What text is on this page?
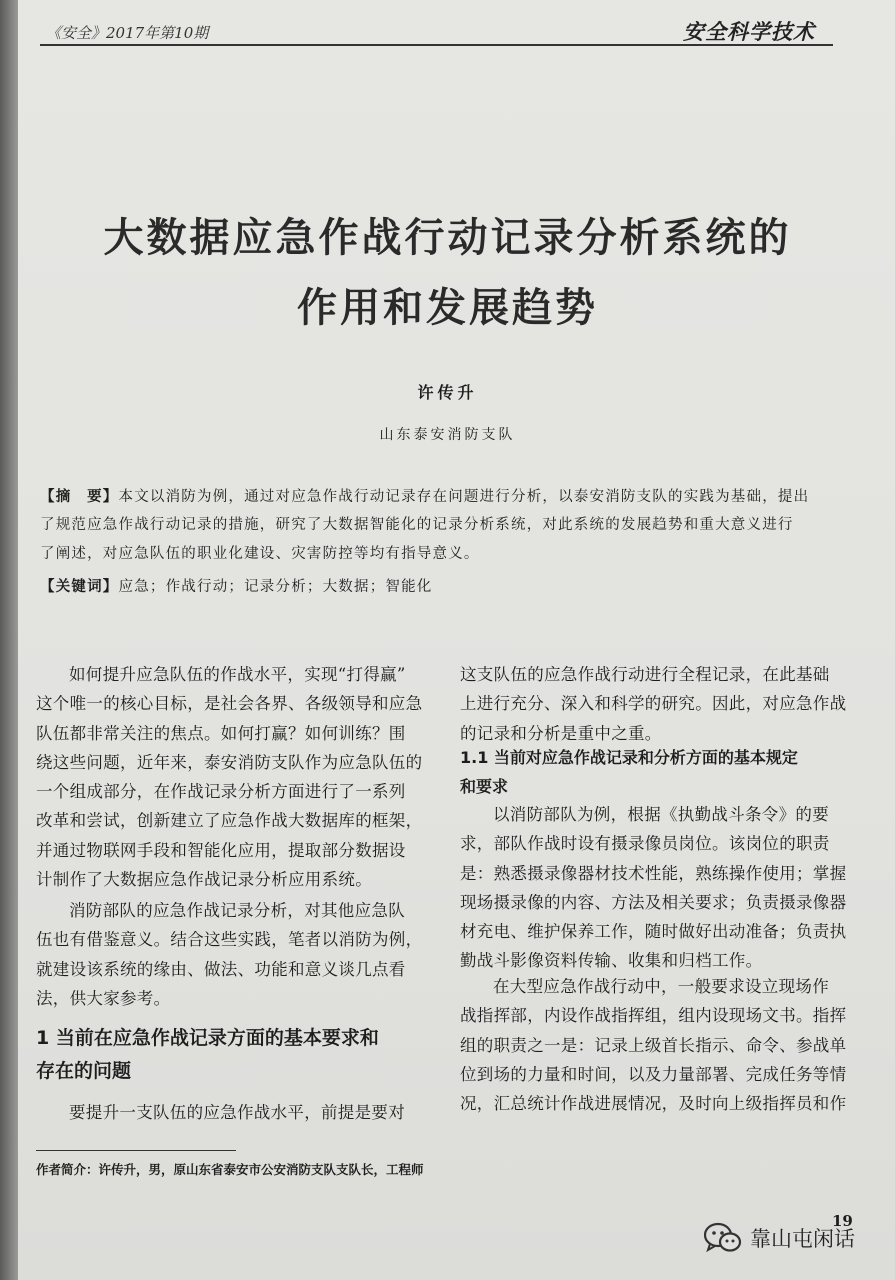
《安全》2017年第10期	安全科学技术
大数据应急作战行动记录分析系统的
作用和发展趋势
许传升
山东泰安消防支队
【摘　要】本文以消防为例，通过对应急作战行动记录存在问题进行分析，以泰安消防支队的实践为基础，提出
了规范应急作战行动记录的措施，研究了大数据智能化的记录分析系统，对此系统的发展趋势和重大意义进行
了阐述，对应急队伍的职业化建设、灾害防控等均有指导意义。
【关键词】应急；作战行动；记录分析；大数据；智能化
如何提升应急队伍的作战水平，实现“打得赢”
这个唯一的核心目标，是社会各界、各级领导和应急
队伍都非常关注的焦点。如何打赢？如何训练？围
绕这些问题，近年来，泰安消防支队作为应急队伍的
一个组成部分，在作战记录分析方面进行了一系列
改革和尝试，创新建立了应急作战大数据库的框架，
并通过物联网手段和智能化应用，提取部分数据设
计制作了大数据应急作战记录分析应用系统。
消防部队的应急作战记录分析，对其他应急队
伍也有借鉴意义。结合这些实践，笔者以消防为例，
就建设该系统的缘由、做法、功能和意义谈几点看
法，供大家参考。
1 当前在应急作战记录方面的基本要求和
存在的问题
要提升一支队伍的应急作战水平，前提是要对
这支队伍的应急作战行动进行全程记录，在此基础
上进行充分、深入和科学的研究。因此，对应急作战
的记录和分析是重中之重。
1.1 当前对应急作战记录和分析方面的基本规定
和要求
以消防部队为例，根据《执勤战斗条令》的要
求，部队作战时设有摄录像员岗位。该岗位的职责
是：熟悉摄录像器材技术性能，熟练操作使用；掌握
现场摄录像的内容、方法及相关要求；负责摄录像器
材充电、维护保养工作，随时做好出动准备；负责执
勤战斗影像资料传输、收集和归档工作。
在大型应急作战行动中，一般要求设立现场作
战指挥部，内设作战指挥组，组内设现场文书。指挥
组的职责之一是：记录上级首长指示、命令、参战单
位到场的力量和时间，以及力量部署、完成任务等情
况，汇总统计作战进展情况，及时向上级指挥员和作
作者简介：许传升，男，原山东省泰安市公安消防支队支队长，工程师
19
靠山屯闲话
